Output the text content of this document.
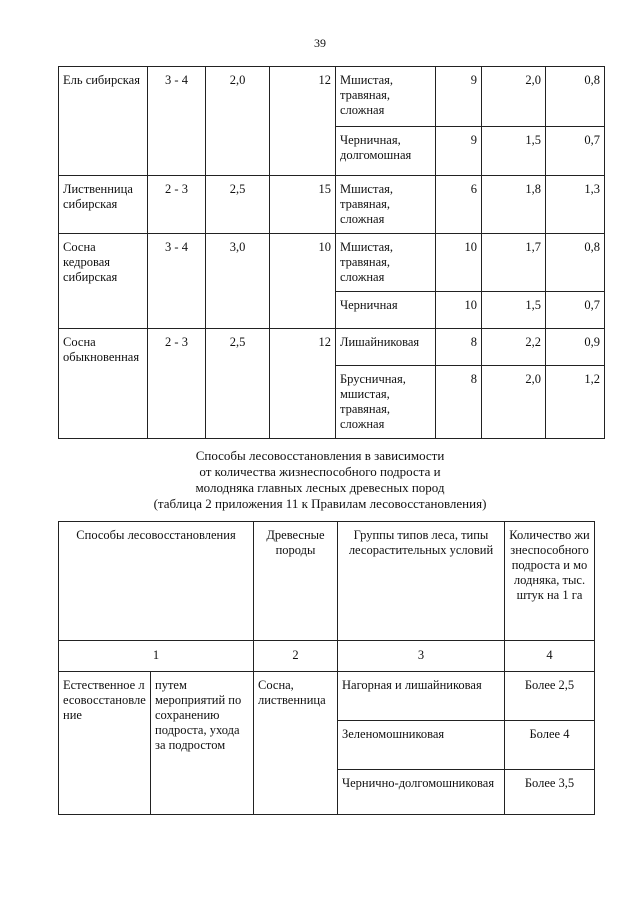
39
Ель сибирская	3 - 4	2,0	12	Мшистая, травяная, сложная	9	2,0	0,8
				Черничная, долгомошная	9	1,5	0,7
Лиственница сибирская	2 - 3	2,5	15	Мшистая, травяная, сложная	6	1,8	1,3
Сосна кедровая сибирская	3 - 4	3,0	10	Мшистая, травяная, сложная	10	1,7	0,8
				Черничная	10	1,5	0,7
Сосна обыкновенная	2 - 3	2,5	12	Лишайниковая	8	2,2	0,9
				Брусничная, мшистая, травяная, сложная	8	2,0	1,2
Способы лесовосстановления в зависимости
от количества жизнеспособного подроста и
молодняка главных лесных древесных пород
(таблица 2 приложения 11 к Правилам лесовосстановления)
Способы лесовосстановления		Древесные породы	Группы типов леса, типы лесорастительных условий	Количество жизнеспособного подроста и молодняка, тыс. штук на 1 га
1		2	3	4
Естественное лесовосстановление	путем мероприятий по сохранению подроста, ухода за подростом	Сосна, лиственница	Нагорная и лишайниковая	Более 2,5
			Зеленомошниковая	Более 4
			Чернично-долгомошниковая	Более 3,5
